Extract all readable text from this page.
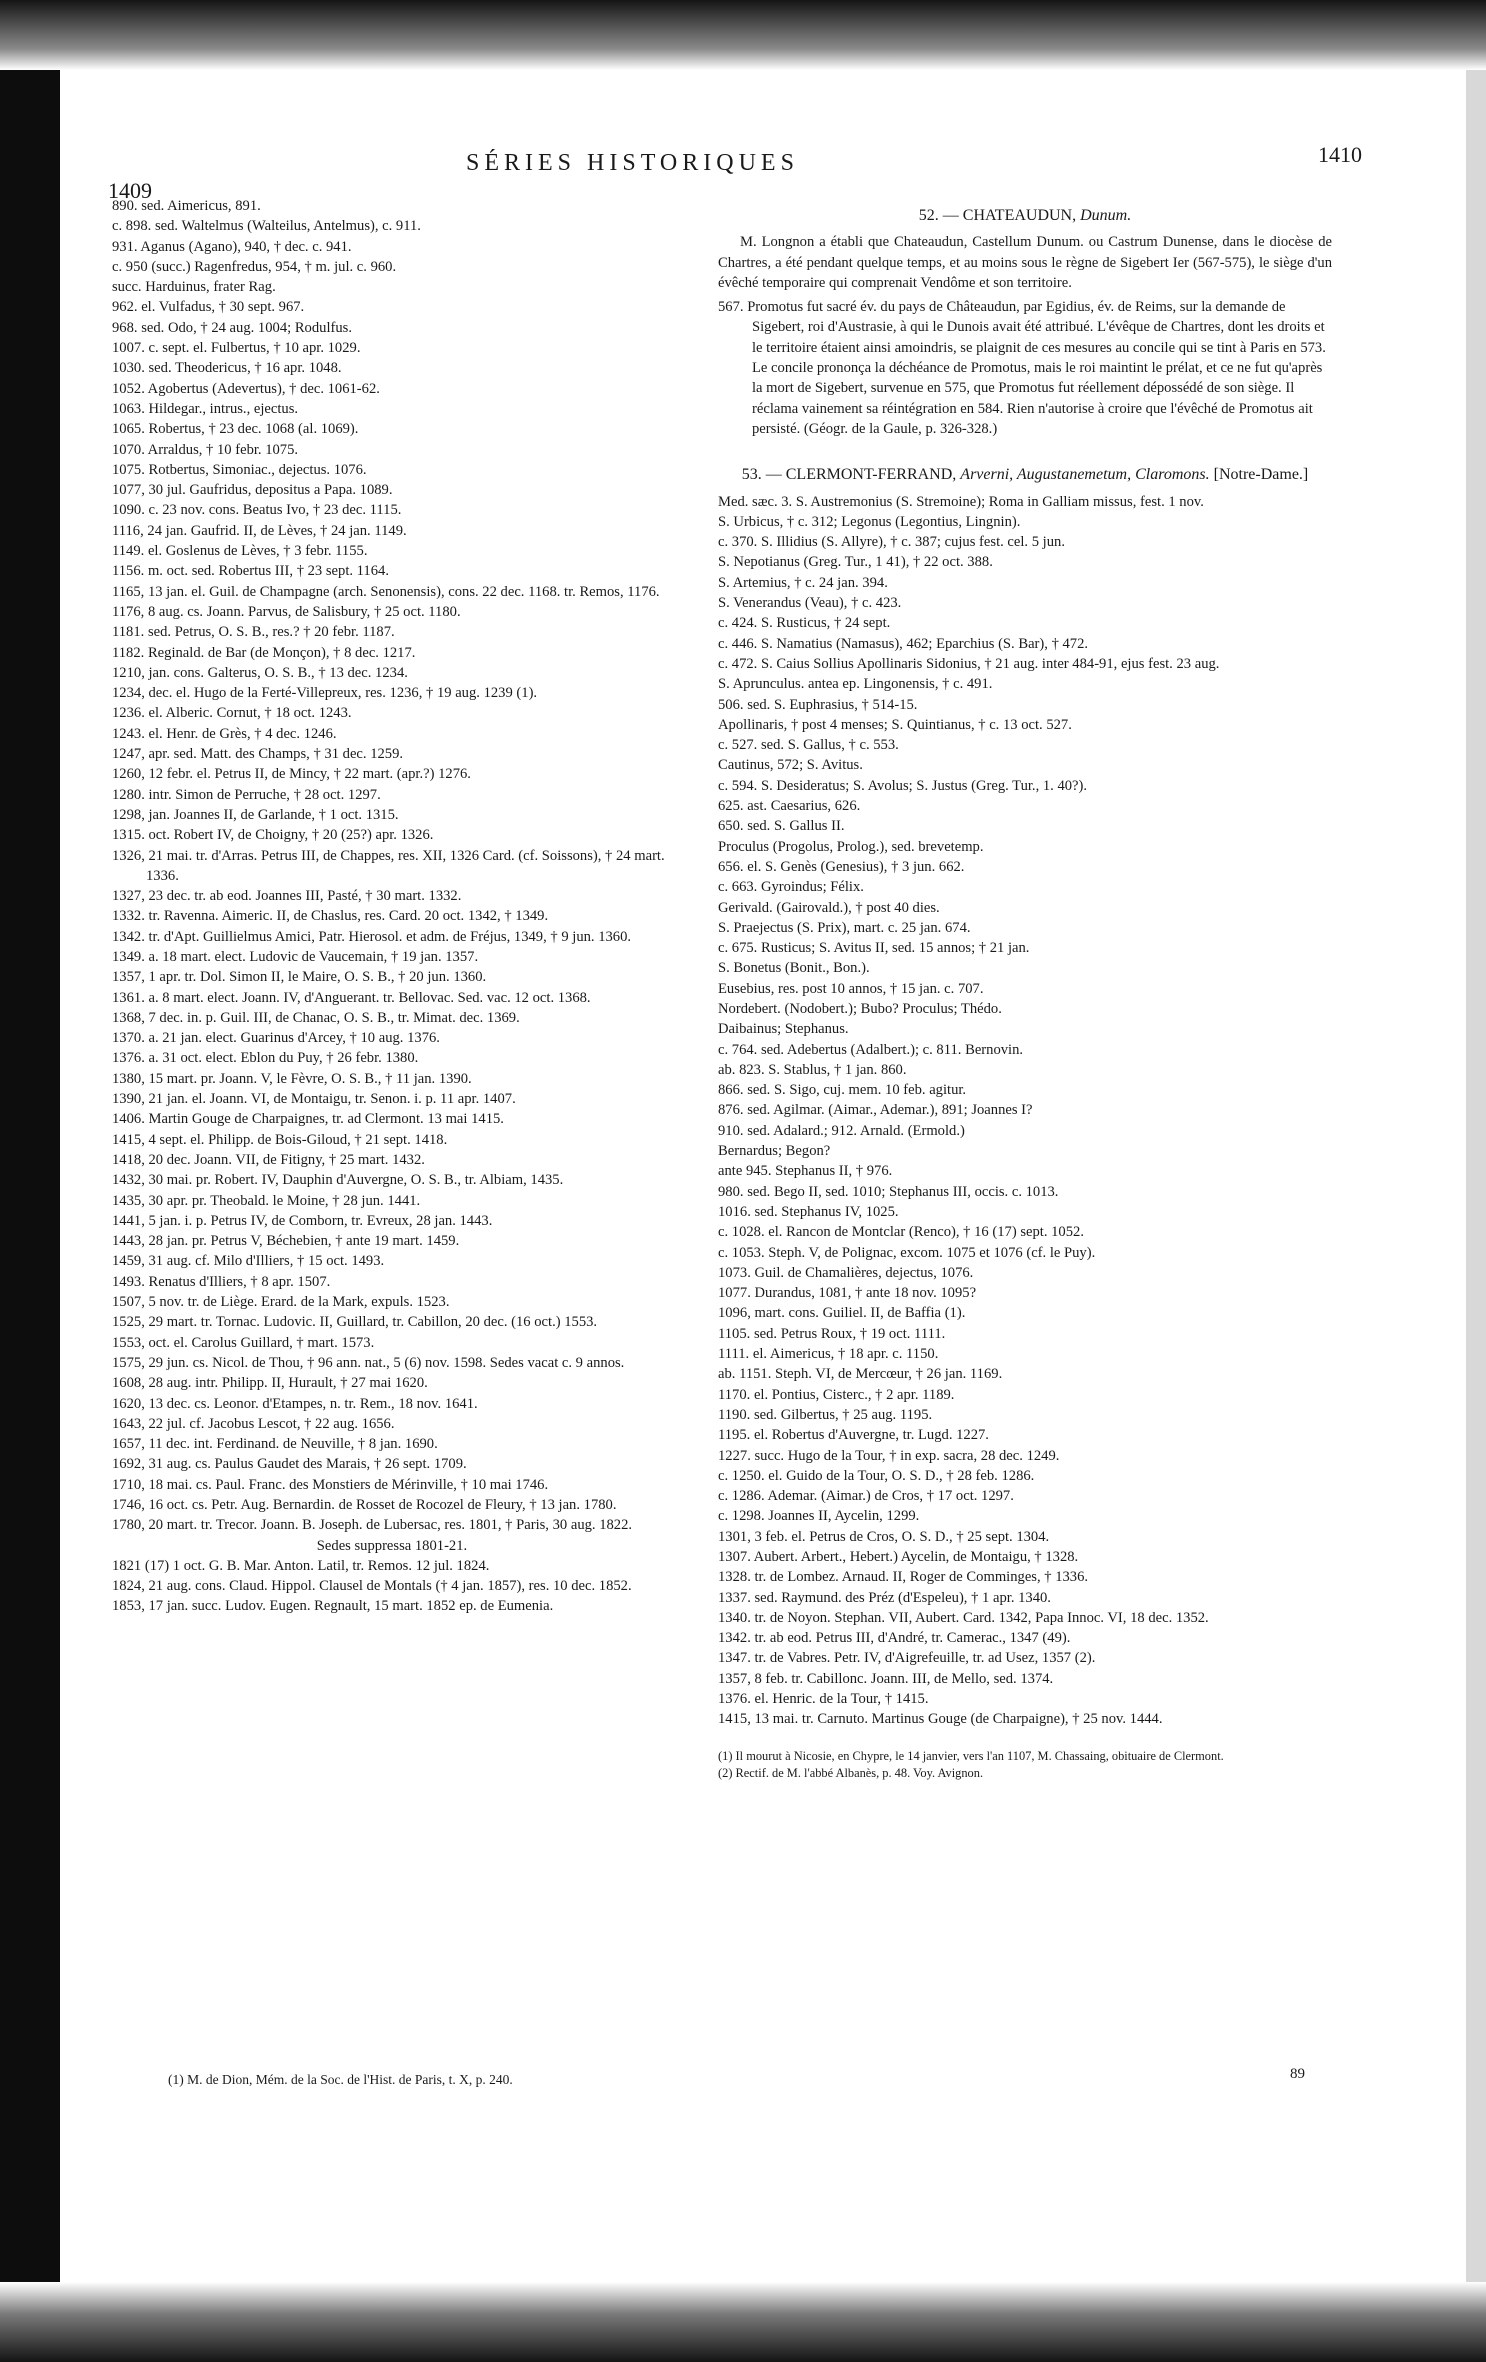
1409
SÉRIES HISTORIQUES	1410
890. sed. Aimericus, 891.
c. 898. sed. Waltelmus (Walteilus, Antelmus), c. 911.
931. Aganus (Agano), 940, † dec. c. 941.
c. 950 (succ.) Ragenfredus, 954, † m. jul. c. 960.
succ. Harduinus, frater Rag.
962. el. Vulfadus, † 30 sept. 967.
968. sed. Odo, † 24 aug. 1004; Rodulfus.
1007. c. sept. el. Fulbertus, † 10 apr. 1029.
1030. sed. Theodericus, † 16 apr. 1048.
1052. Agobertus (Adevertus), † dec. 1061-62.
1063. Hildegar., intrus., ejectus.
1065. Robertus, † 23 dec. 1068 (al. 1069).
1070. Arraldus, † 10 febr. 1075.
1075. Rotbertus, Simoniac., dejectus. 1076.
1077, 30 jul. Gaufridus, depositus a Papa. 1089.
1090. c. 23 nov. cons. Beatus Ivo, † 23 dec. 1115.
1116, 24 jan. Gaufrid. II, de Lèves, † 24 jan. 1149.
1149. el. Goslenus de Lèves, † 3 febr. 1155.
1156. m. oct. sed. Robertus III, † 23 sept. 1164.
1165, 13 jan. el. Guil. de Champagne (arch. Senonensis), cons. 22 dec. 1168. tr. Remos, 1176.
1176, 8 aug. cs. Joann. Parvus, de Salisbury, † 25 oct. 1180.
1181. sed. Petrus, O. S. B., res.? † 20 febr. 1187.
1182. Reginald. de Bar (de Monçon), † 8 dec. 1217.
1210, jan. cons. Galterus, O. S. B., † 13 dec. 1234.
1234, dec. el. Hugo de la Ferté-Villepreux, res. 1236, † 19 aug. 1239 (1).
1236. el. Alberic. Cornut, † 18 oct. 1243.
1243. el. Henr. de Grès, † 4 dec. 1246.
1247, apr. sed. Matt. des Champs, † 31 dec. 1259.
1260, 12 febr. el. Petrus II, de Mincy, † 22 mart. (apr.?) 1276.
1280. intr. Simon de Perruche, † 28 oct. 1297.
1298, jan. Joannes II, de Garlande, † 1 oct. 1315.
1315. oct. Robert IV, de Choigny, † 20 (25?) apr. 1326.
1326, 21 mai. tr. d'Arras. Petrus III, de Chappes, res. XII, 1326 Card. (cf. Soissons), † 24 mart. 1336.
1327, 23 dec. tr. ab eod. Joannes III, Pasté, † 30 mart. 1332.
1332. tr. Ravenna. Aimeric. II, de Chaslus, res. Card. 20 oct. 1342, † 1349.
1342. tr. d'Apt. Guillielmus Amici, Patr. Hierosol. et adm. de Fréjus, 1349, † 9 jun. 1360.
1349. a. 18 mart. elect. Ludovic de Vaucemain, † 19 jan. 1357.
1357, 1 apr. tr. Dol. Simon II, le Maire, O. S. B., † 20 jun. 1360.
1361. a. 8 mart. elect. Joann. IV, d'Anguerant. tr. Bellovac. Sed. vac. 12 oct. 1368.
1368, 7 dec. in. p. Guil. III, de Chanac, O. S. B., tr. Mimat. dec. 1369.
1370. a. 21 jan. elect. Guarinus d'Arcey, † 10 aug. 1376.
1376. a. 31 oct. elect. Eblon du Puy, † 26 febr. 1380.
1380, 15 mart. pr. Joann. V, le Fèvre, O. S. B., † 11 jan. 1390.
1390, 21 jan. el. Joann. VI, de Montaigu, tr. Senon. i. p. 11 apr. 1407.
1406. Martin Gouge de Charpaignes, tr. ad Clermont. 13 mai 1415.
1415, 4 sept. el. Philipp. de Bois-Giloud, † 21 sept. 1418.
1418, 20 dec. Joann. VII, de Fitigny, † 25 mart. 1432.
1432, 30 mai. pr. Robert. IV, Dauphin d'Auvergne, O. S. B., tr. Albiam, 1435.
1435, 30 apr. pr. Theobald. le Moine, † 28 jun. 1441.
1441, 5 jan. i. p. Petrus IV, de Comborn, tr. Evreux, 28 jan. 1443.
1443, 28 jan. pr. Petrus V, Béchebien, † ante 19 mart. 1459.
1459, 31 aug. cf. Milo d'Illiers, † 15 oct. 1493.
1493. Renatus d'Illiers, † 8 apr. 1507.
1507, 5 nov. tr. de Liège. Erard. de la Mark, expuls. 1523.
1525, 29 mart. tr. Tornac. Ludovic. II, Guillard, tr. Cabillon, 20 dec. (16 oct.) 1553.
1553, oct. el. Carolus Guillard, † mart. 1573.
1575, 29 jun. cs. Nicol. de Thou, † 96 ann. nat., 5 (6) nov. 1598. Sedes vacat c. 9 annos.
1608, 28 aug. intr. Philipp. II, Hurault, † 27 mai 1620.
1620, 13 dec. cs. Leonor. d'Etampes, n. tr. Rem., 18 nov. 1641.
1643, 22 jul. cf. Jacobus Lescot, † 22 aug. 1656.
1657, 11 dec. int. Ferdinand. de Neuville, † 8 jan. 1690.
1692, 31 aug. cs. Paulus Gaudet des Marais, † 26 sept. 1709.
1710, 18 mai. cs. Paul. Franc. des Monstiers de Mérinville, † 10 mai 1746.
1746, 16 oct. cs. Petr. Aug. Bernardin. de Rosset de Rocozel de Fleury, † 13 jan. 1780.
1780, 20 mart. tr. Trecor. Joann. B. Joseph. de Lubersac, res. 1801, † Paris, 30 aug. 1822.
Sedes suppressa 1801-21.
1821 (17) 1 oct. G. B. Mar. Anton. Latil, tr. Remos. 12 jul. 1824.
1824, 21 aug. cons. Claud. Hippol. Clausel de Montals († 4 jan. 1857), res. 10 dec. 1852.
1853, 17 jan. succ. Ludov. Eugen. Regnault, 15 mart. 1852 ep. de Eumenia.
52. — CHATEAUDUN, Dunum.
M. Longnon a établi que Chateaudun, Castellum Dunum. ou Castrum Dunense, dans le diocèse de Chartres, a été pendant quelque temps, et au moins sous le règne de Sigebert Ier (567-575), le siège d'un évêché temporaire qui comprenait Vendôme et son territoire.
567. Promotus fut sacré év. du pays de Châteaudun, par Egidius, év. de Reims, sur la demande de Sigebert, roi d'Austrasie, à qui le Dunois avait été attribué. L'évêque de Chartres, dont les droits et le territoire étaient ainsi amoindris, se plaignit de ces mesures au concile qui se tint à Paris en 573. Le concile prononça la déchéance de Promotus, mais le roi maintint le prélat, et ce ne fut qu'après la mort de Sigebert, survenue en 575, que Promotus fut réellement dépossédé de son siège. Il réclama vainement sa réintégration en 584. Rien n'autorise à croire que l'évêché de Promotus ait persisté. (Géogr. de la Gaule, p. 326-328.)
53. — CLERMONT-FERRAND, Arverni, Augustanemetum, Claromons. [Notre-Dame.]
Med. sæc. 3. S. Austremonius (S. Stremoine); Roma in Galliam missus, fest. 1 nov.
S. Urbicus, † c. 312; Legonus (Legontius, Lingnin).
c. 370. S. Illidius (S. Allyre), † c. 387; cujus fest. cel. 5 jun.
S. Nepotianus (Greg. Tur., 1 41), † 22 oct. 388.
S. Artemius, † c. 24 jan. 394.
S. Venerandus (Veau), † c. 423.
c. 424. S. Rusticus, † 24 sept.
c. 446. S. Namatius (Namasus), 462; Eparchius (S. Bar), † 472.
c. 472. S. Caius Sollius Apollinaris Sidonius, † 21 aug. inter 484-91, ejus fest. 23 aug.
S. Aprunculus. antea ep. Lingonensis, † c. 491.
506. sed. S. Euphrasius, † 514-15.
Apollinaris, † post 4 menses; S. Quintianus, † c. 13 oct. 527.
c. 527. sed. S. Gallus, † c. 553.
Cautinus, 572; S. Avitus.
c. 594. S. Desideratus; S. Avolus; S. Justus (Greg. Tur., 1. 40?).
625. ast. Caesarius, 626.
650. sed. S. Gallus II.
Proculus (Progolus, Prolog.), sed. brevetemp.
656. el. S. Genès (Genesius), † 3 jun. 662.
c. 663. Gyroindus; Félix.
Gerivald. (Gairovald.), † post 40 dies.
S. Praejectus (S. Prix), mart. c. 25 jan. 674.
c. 675. Rusticus; S. Avitus II, sed. 15 annos; † 21 jan.
S. Bonetus (Bonit., Bon.).
Eusebius, res. post 10 annos, † 15 jan. c. 707.
Nordebert. (Nodobert.); Bubo? Proculus; Thédo.
Daibainus; Stephanus.
c. 764. sed. Adebertus (Adalbert.); c. 811. Bernovin.
ab. 823. S. Stablus, † 1 jan. 860.
866. sed. S. Sigo, cuj. mem. 10 feb. agitur.
876. sed. Agilmar. (Aimar., Ademar.), 891; Joannes I?
910. sed. Adalard.; 912. Arnald. (Ermold.)
Bernardus; Begon?
ante 945. Stephanus II, † 976.
980. sed. Bego II, sed. 1010; Stephanus III, occis. c. 1013.
1016. sed. Stephanus IV, 1025.
c. 1028. el. Rancon de Montclar (Renco), † 16 (17) sept. 1052.
c. 1053. Steph. V, de Polignac, excom. 1075 et 1076 (cf. le Puy).
1073. Guil. de Chamalières, dejectus, 1076.
1077. Durandus, 1081, † ante 18 nov. 1095?
1096, mart. cons. Guiliel. II, de Baffia (1).
1105. sed. Petrus Roux, † 19 oct. 1111.
1111. el. Aimericus, † 18 apr. c. 1150.
ab. 1151. Steph. VI, de Mercœur, † 26 jan. 1169.
1170. el. Pontius, Cisterc., † 2 apr. 1189.
1190. sed. Gilbertus, † 25 aug. 1195.
1195. el. Robertus d'Auvergne, tr. Lugd. 1227.
1227. succ. Hugo de la Tour, † in exp. sacra, 28 dec. 1249.
c. 1250. el. Guido de la Tour, O. S. D., † 28 feb. 1286.
c. 1286. Ademar. (Aimar.) de Cros, † 17 oct. 1297.
c. 1298. Joannes II, Aycelin, 1299.
1301, 3 feb. el. Petrus de Cros, O. S. D., † 25 sept. 1304.
1307. Aubert. Arbert., Hebert.) Aycelin, de Montaigu, † 1328.
1328. tr. de Lombez. Arnaud. II, Roger de Comminges, † 1336.
1337. sed. Raymund. des Préz (d'Espeleu), † 1 apr. 1340.
1340. tr. de Noyon. Stephan. VII, Aubert. Card. 1342, Papa Innoc. VI, 18 dec. 1352.
1342. tr. ab eod. Petrus III, d'André, tr. Camerac., 1347 (49).
1347. tr. de Vabres. Petr. IV, d'Aigrefeuille, tr. ad Usez, 1357 (2).
1357, 8 feb. tr. Cabillonc. Joann. III, de Mello, sed. 1374.
1376. el. Henric. de la Tour, † 1415.
1415, 13 mai. tr. Carnuto. Martinus Gouge (de Charpaigne), † 25 nov. 1444.
(1) Il mourut à Nicosie, en Chypre, le 14 janvier, vers l'an 1107, M. Chassaing, obituaire de Clermont.
(2) Rectif. de M. l'abbé Albanès, p. 48. Voy. Avignon.
(1) M. de Dion, Mém. de la Soc. de l'Hist. de Paris, t. X, p. 240.	89
